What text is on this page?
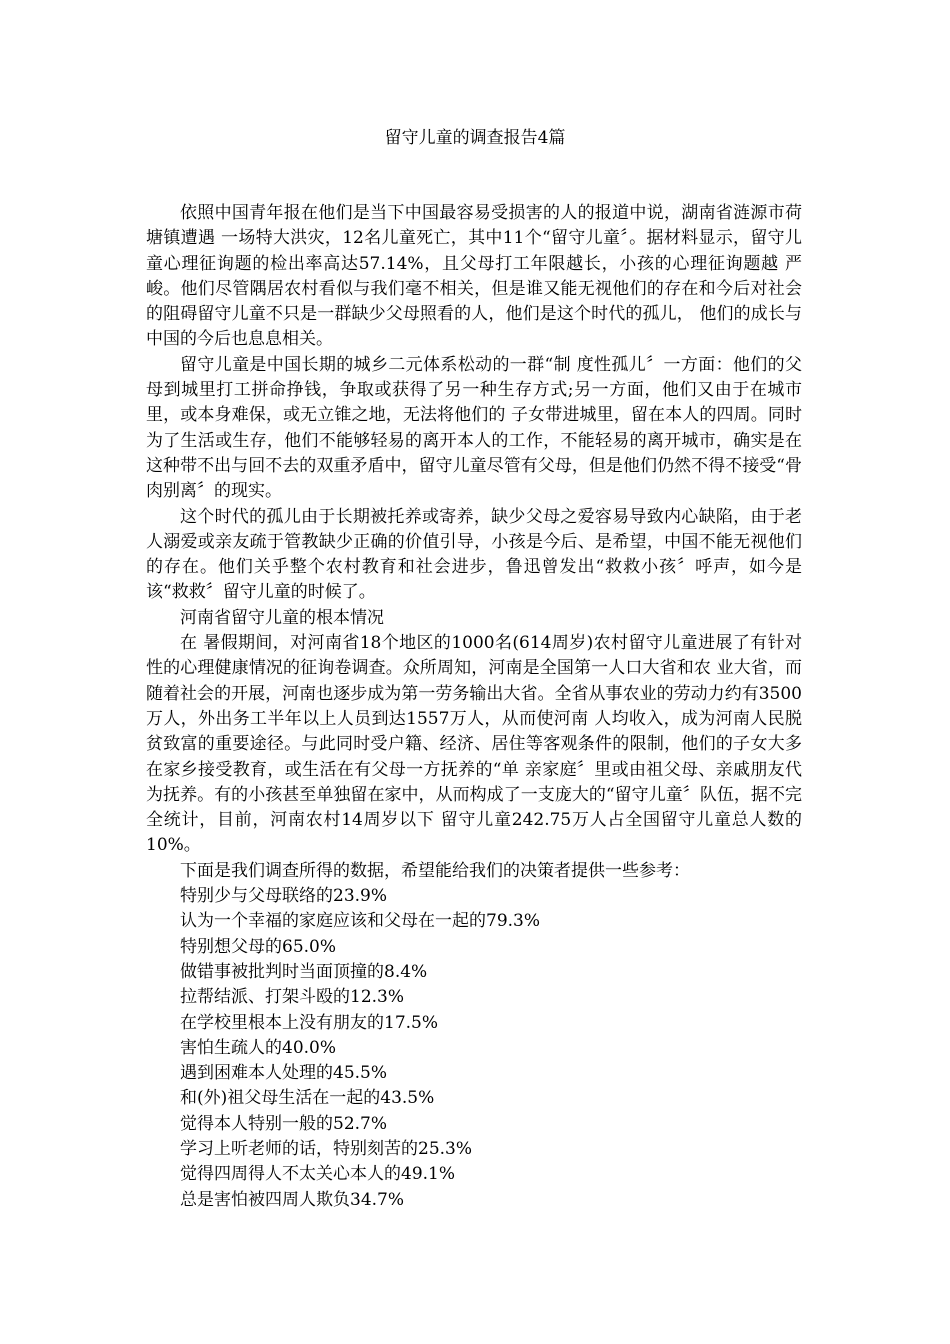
留守儿童的调查报告4篇

依照中国青年报在他们是当下中国最容易受损害的人的报道中说，湖南省涟源市荷塘镇遭遇 一场特大洪灾，12名儿童死亡，其中11个“留守儿童〞。据材料显示，留守儿童心理征询题的检出率高达57.14%，且父母打工年限越长，小孩的心理征询题越 严峻。他们尽管隅居农村看似与我们毫不相关，但是谁又能无视他们的存在和今后对社会的阻碍留守儿童不只是一群缺少父母照看的人，他们是这个时代的孤儿， 他们的成长与中国的今后也息息相关。

留守儿童是中国长期的城乡二元体系松动的一群“制 度性孤儿〞一方面：他们的父母到城里打工拼命挣钱，争取或获得了另一种生存方式;另一方面，他们又由于在城市里，或本身难保，或无立锥之地，无法将他们的 子女带进城里，留在本人的四周。同时为了生活或生存，他们不能够轻易的离开本人的工作，不能轻易的离开城市，确实是在这种带不出与回不去的双重矛盾中，留守儿童尽管有父母，但是他们仍然不得不接受“骨肉别离〞的现实。

这个时代的孤儿由于长期被托养或寄养，缺少父母之爱容易导致内心缺陷，由于老人溺爱或亲友疏于管教缺少正确的价值引导，小孩是今后、是希望，中国不能无视他们的存在。他们关乎整个农村教育和社会进步，鲁迅曾发出“救救小孩〞呼声，如今是该“救救〞留守儿童的时候了。

河南省留守儿童的根本情况

在 暑假期间，对河南省18个地区的1000名(614周岁)农村留守儿童进展了有针对性的心理健康情况的征询卷调查。众所周知，河南是全国第一人口大省和农 业大省，而随着社会的开展，河南也逐步成为第一劳务输出大省。全省从事农业的劳动力约有3500万人，外出务工半年以上人员到达1557万人，从而使河南 人均收入，成为河南人民脱贫致富的重要途径。与此同时受户籍、经济、居住等客观条件的限制，他们的子女大多在家乡接受教育，或生活在有父母一方抚养的“单 亲家庭〞里或由祖父母、亲戚朋友代为抚养。有的小孩甚至单独留在家中，从而构成了一支庞大的“留守儿童〞队伍，据不完全统计，目前，河南农村14周岁以下 留守儿童242.75万人占全国留守儿童总人数的10%。

下面是我们调查所得的数据，希望能给我们的决策者提供一些参考：

特别少与父母联络的23.9%
认为一个幸福的家庭应该和父母在一起的79.3%
特别想父母的65.0%
做错事被批判时当面顶撞的8.4%
拉帮结派、打架斗殴的12.3%
在学校里根本上没有朋友的17.5%
害怕生疏人的40.0%
遇到困难本人处理的45.5%
和(外)祖父母生活在一起的43.5%
觉得本人特别一般的52.7%
学习上听老师的话，特别刻苦的25.3%
觉得四周得人不太关心本人的49.1%
总是害怕被四周人欺负34.7%
